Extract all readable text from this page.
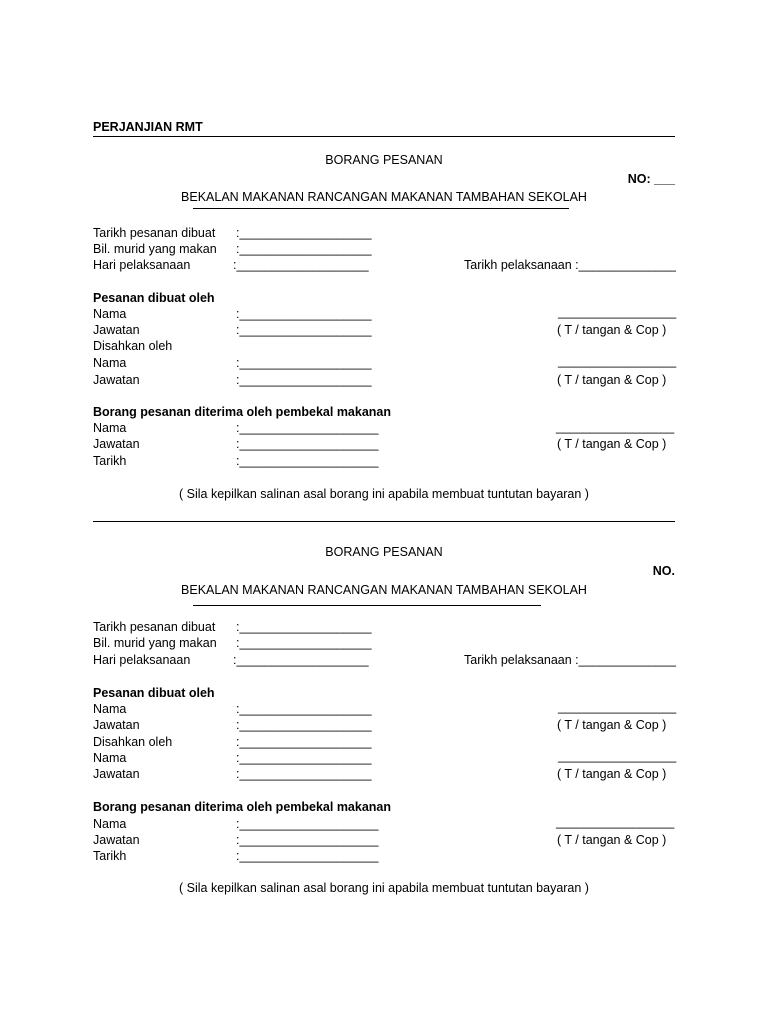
PERJANJIAN RMT
BORANG PESANAN
NO: ___
BEKALAN MAKANAN RANCANGAN MAKANAN TAMBAHAN SEKOLAH
Tarikh pesanan dibuat :___________________
Bil. murid yang makan :___________________
Hari pelaksanaan	:___________________	Tarikh pelaksanaan :______________
Pesanan dibuat oleh
Nama	:___________________	_________________
Jawatan	:___________________	( T / tangan & Cop )
Disahkan oleh
Nama	:___________________	_________________
Jawatan	:___________________	( T / tangan & Cop )
Borang pesanan diterima oleh pembekal makanan
Nama	:____________________	_________________
Jawatan	:____________________	( T / tangan & Cop )
Tarikh	:____________________
( Sila kepilkan salinan asal borang ini apabila membuat tuntutan bayaran )
BORANG PESANAN
NO.
BEKALAN MAKANAN RANCANGAN MAKANAN TAMBAHAN SEKOLAH
Tarikh pesanan dibuat :___________________
Bil. murid yang makan :___________________
Hari pelaksanaan	:___________________	Tarikh pelaksanaan :______________
Pesanan dibuat oleh
Nama	:___________________	_________________
Jawatan	:___________________	( T / tangan & Cop )
Disahkan oleh	:___________________
Nama	:___________________	_________________
Jawatan	:___________________	( T / tangan & Cop )
Borang pesanan diterima oleh pembekal makanan
Nama	:____________________	_________________
Jawatan	:____________________	( T / tangan & Cop )
Tarikh	:____________________
( Sila kepilkan salinan asal borang ini apabila membuat tuntutan bayaran )
